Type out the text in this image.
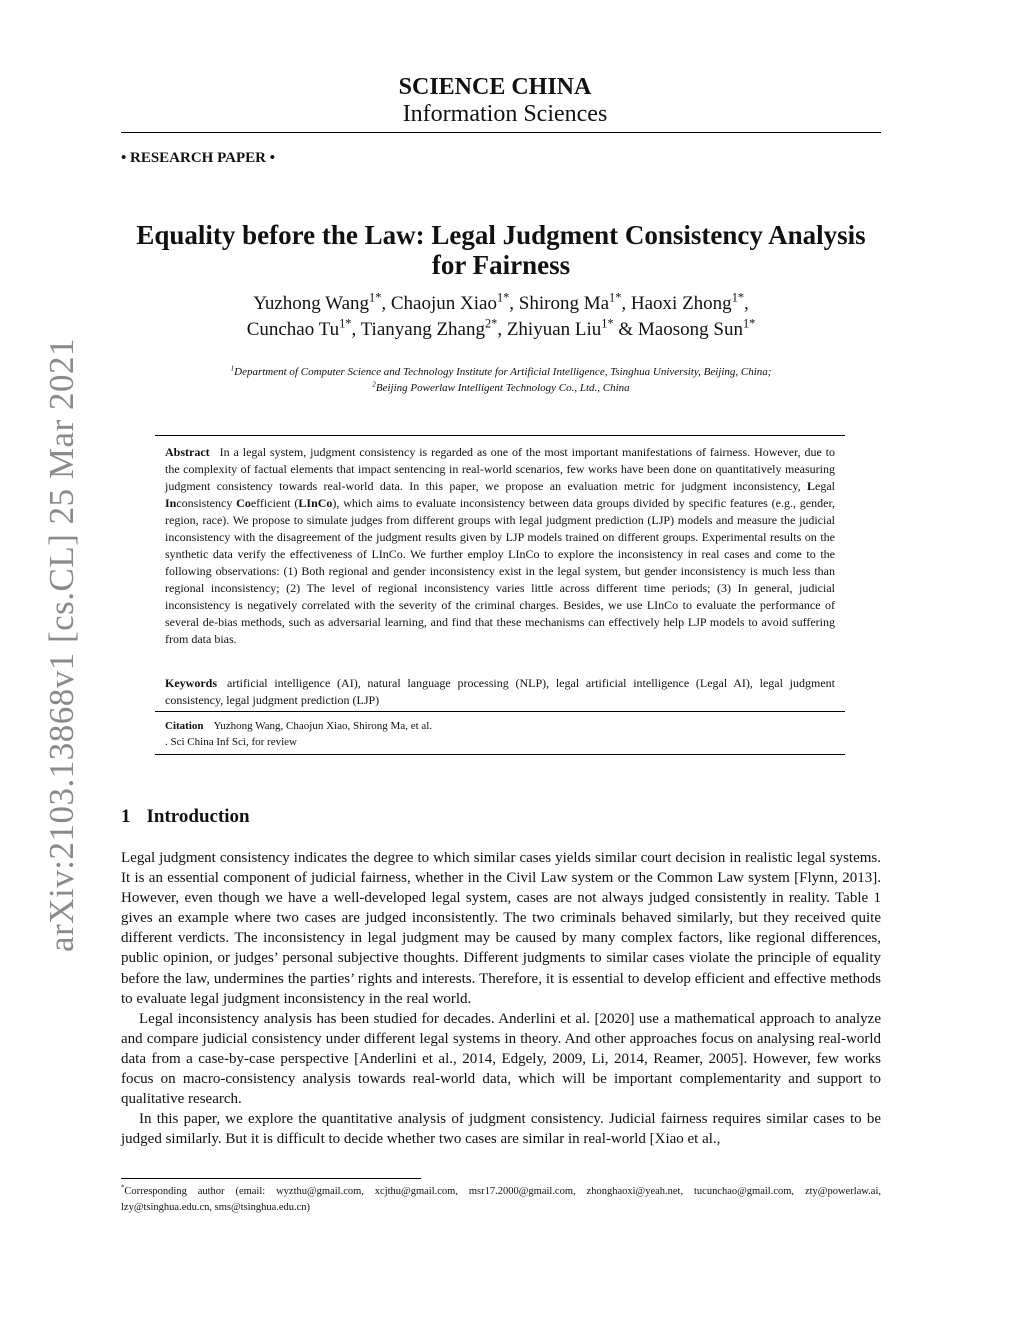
arXiv:2103.13868v1 [cs.CL] 25 Mar 2021
SCIENCE CHINA
Information Sciences
• RESEARCH PAPER •
Equality before the Law: Legal Judgment Consistency Analysis
for Fairness
Yuzhong Wang$^{1*}$, Chaojun Xiao$^{1*}$, Shirong $Ma^{1*}$, Haoxi Zhong$^{1*}$,
Cunchao $Tu^{1*}$, Tianyang Zhang$^{2*}$, Zhiyuan Liu$^{1*}$ & Maosong Sun$^{1*}$
$^1$Department of Computer Science and Technology Institute for Artificial Intelligence, Tsinghua University, Beijing, China;
$^2$Beijing Powerlaw Intelligent Technology Co., Ltd., China
Abstract In a legal system, judgment consistency is regarded as one of the most important manifestations of fairness. However, due to the complexity of factual elements that impact sentencing in real-world scenarios, few works have been done on quantitatively measuring judgment consistency towards real-world data. In this paper, we propose an evaluation metric for judgment inconsistency, Legal Inconsistency Coefficient (LInCo), which aims to evaluate inconsistency between data groups divided by specific features (e.g., gender, region, race). We propose to simulate judges from different groups with legal judgment prediction (LJP) models and measure the judicial inconsistency with the disagreement of the judgment results given by LJP models trained on different groups. Experimental results on the synthetic data verify the effectiveness of LInCo. We further employ LInCo to explore the inconsistency in real cases and come to the following observations: (1) Both regional and gender inconsistency exist in the legal system, but gender inconsistency is much less than regional inconsistency; (2) The level of regional inconsistency varies little across different time periods; (3) In general, judicial inconsistency is negatively correlated with the severity of the criminal charges. Besides, we use LInCo to evaluate the performance of several de-bias methods, such as adversarial learning, and find that these mechanisms can effectively help LJP models to avoid suffering from data bias.
Keywords artificial intelligence (AI), natural language processing (NLP), legal artificial intelligence (Legal AI), legal judgment consistency, legal judgment prediction (LJP)
Citation Yuzhong Wang, Chaojun Xiao, Shirong Ma, et al.
. Sci China Inf Sci, for review
1 Introduction

Legal judgment consistency indicates the degree to which similar cases yields similar court decision in realistic legal systems. It is an essential component of judicial fairness, whether in the Civil Law system or the Common Law system [Flynn, 2013]. However, even though we have a well-developed legal system, cases are not always judged consistently in reality. Table 1 gives an example where two cases are judged inconsistently. The two criminals behaved similarly, but they received quite different verdicts. The inconsistency in legal judgment may be caused by many complex factors, like regional differences, public opinion, or judges’ personal subjective thoughts. Different judgments to similar cases violate the principle of equality before the law, undermines the parties’ rights and interests. Therefore, it is essential to develop efficient and effective methods to evaluate legal judgment inconsistency in the real world.

Legal inconsistency analysis has been studied for decades. Anderlini et al. [2020] use a mathematical approach to analyze and compare judicial consistency under different legal systems in theory. And other approaches focus on analysing real-world data from a case-by-case perspective [Anderlini et al., 2014, Edgely, 2009, Li, 2014, Reamer, 2005]. However, few works focus on macro-consistency analysis towards real-world data, which will be important complementarity and support to qualitative research.

In this paper, we explore the quantitative analysis of judgment consistency. Judicial fairness requires similar cases to be judged similarly. But it is difficult to decide whether two cases are similar in real-world [Xiao et al.,

*Corresponding author (email: wyzthu@gmail.com, xcjthu@gmail.com, msr17.2000@gmail.com, zhonghaoxi@yeah.net, tucunchao@gmail.com, zty@powerlaw.ai, lzy@tsinghua.edu.cn, sms@tsinghua.edu.cn)
